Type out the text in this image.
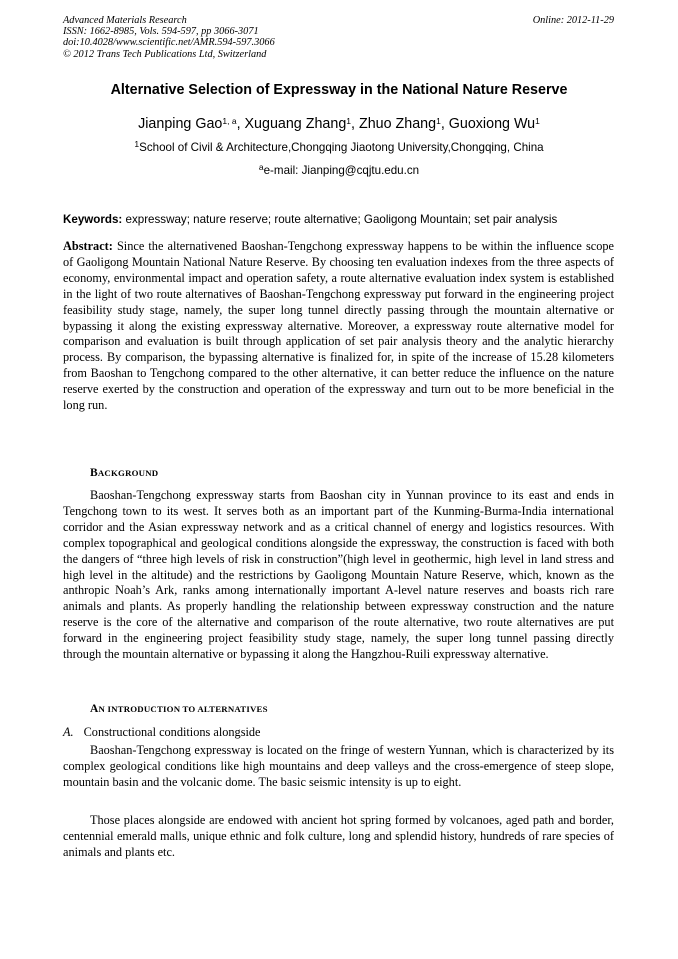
Advanced Materials Research
ISSN: 1662-8985, Vols. 594-597, pp 3066-3071
doi:10.4028/www.scientific.net/AMR.594-597.3066
© 2012 Trans Tech Publications Ltd, Switzerland
Online: 2012-11-29
Alternative Selection of Expressway in the National Nature Reserve
Jianping Gao$^{1, a}$, Xuguang Zhang$^1$, Zhuo Zhang$^1$, Guoxiong Wu$^1$
$^1$School of Civil & Architecture,Chongqing Jiaotong University,Chongqing, China
$^a$e-mail: Jianping@cqjtu.edu.cn
Keywords: expressway; nature reserve; route alternative; Gaoligong Mountain; set pair analysis
Abstract: Since the alternativened Baoshan-Tengchong expressway happens to be within the influence scope of Gaoligong Mountain National Nature Reserve. By choosing ten evaluation indexes from the three aspects of economy, environmental impact and operation safety, a route alternative evaluation index system is established in the light of two route alternatives of Baoshan-Tengchong expressway put forward in the engineering project feasibility study stage, namely, the super long tunnel directly passing through the mountain alternative or bypassing it along the existing expressway alternative. Moreover, a expressway route alternative model for comparison and evaluation is built through application of set pair analysis theory and the analytic hierarchy process. By comparison, the bypassing alternative is finalized for, in spite of the increase of 15.28 kilometers from Baoshan to Tengchong compared to the other alternative, it can better reduce the influence on the nature reserve exerted by the construction and operation of the expressway and turn out to be more beneficial in the long run.
BACKGROUND
Baoshan-Tengchong expressway starts from Baoshan city in Yunnan province to its east and ends in Tengchong town to its west. It serves both as an important part of the Kunming-Burma-India international corridor and the Asian expressway network and as a critical channel of energy and logistics resources. With complex topographical and geological conditions alongside the expressway, the construction is faced with both the dangers of “three high levels of risk in construction”(high level in geothermic, high level in land stress and high level in the altitude) and the restrictions by Gaoligong Mountain Nature Reserve, which, known as the anthropic Noah’s Ark, ranks among internationally important A-level nature reserves and boasts rich rare animals and plants. As properly handling the relationship between expressway construction and the nature reserve is the core of the alternative and comparison of the route alternative, two route alternatives are put forward in the engineering project feasibility study stage, namely, the super long tunnel passing directly through the mountain alternative or bypassing it along the Hangzhou-Ruili expressway alternative.
AN INTRODUCTION TO ALTERNATIVES
A. Constructional conditions alongside
Baoshan-Tengchong expressway is located on the fringe of western Yunnan, which is characterized by its complex geological conditions like high mountains and deep valleys and the cross-emergence of steep slope, mountain basin and the volcanic dome. The basic seismic intensity is up to eight.
Those places alongside are endowed with ancient hot spring formed by volcanoes, aged path and border, centennial emerald malls, unique ethnic and folk culture, long and splendid history, hundreds of rare species of animals and plants etc.
